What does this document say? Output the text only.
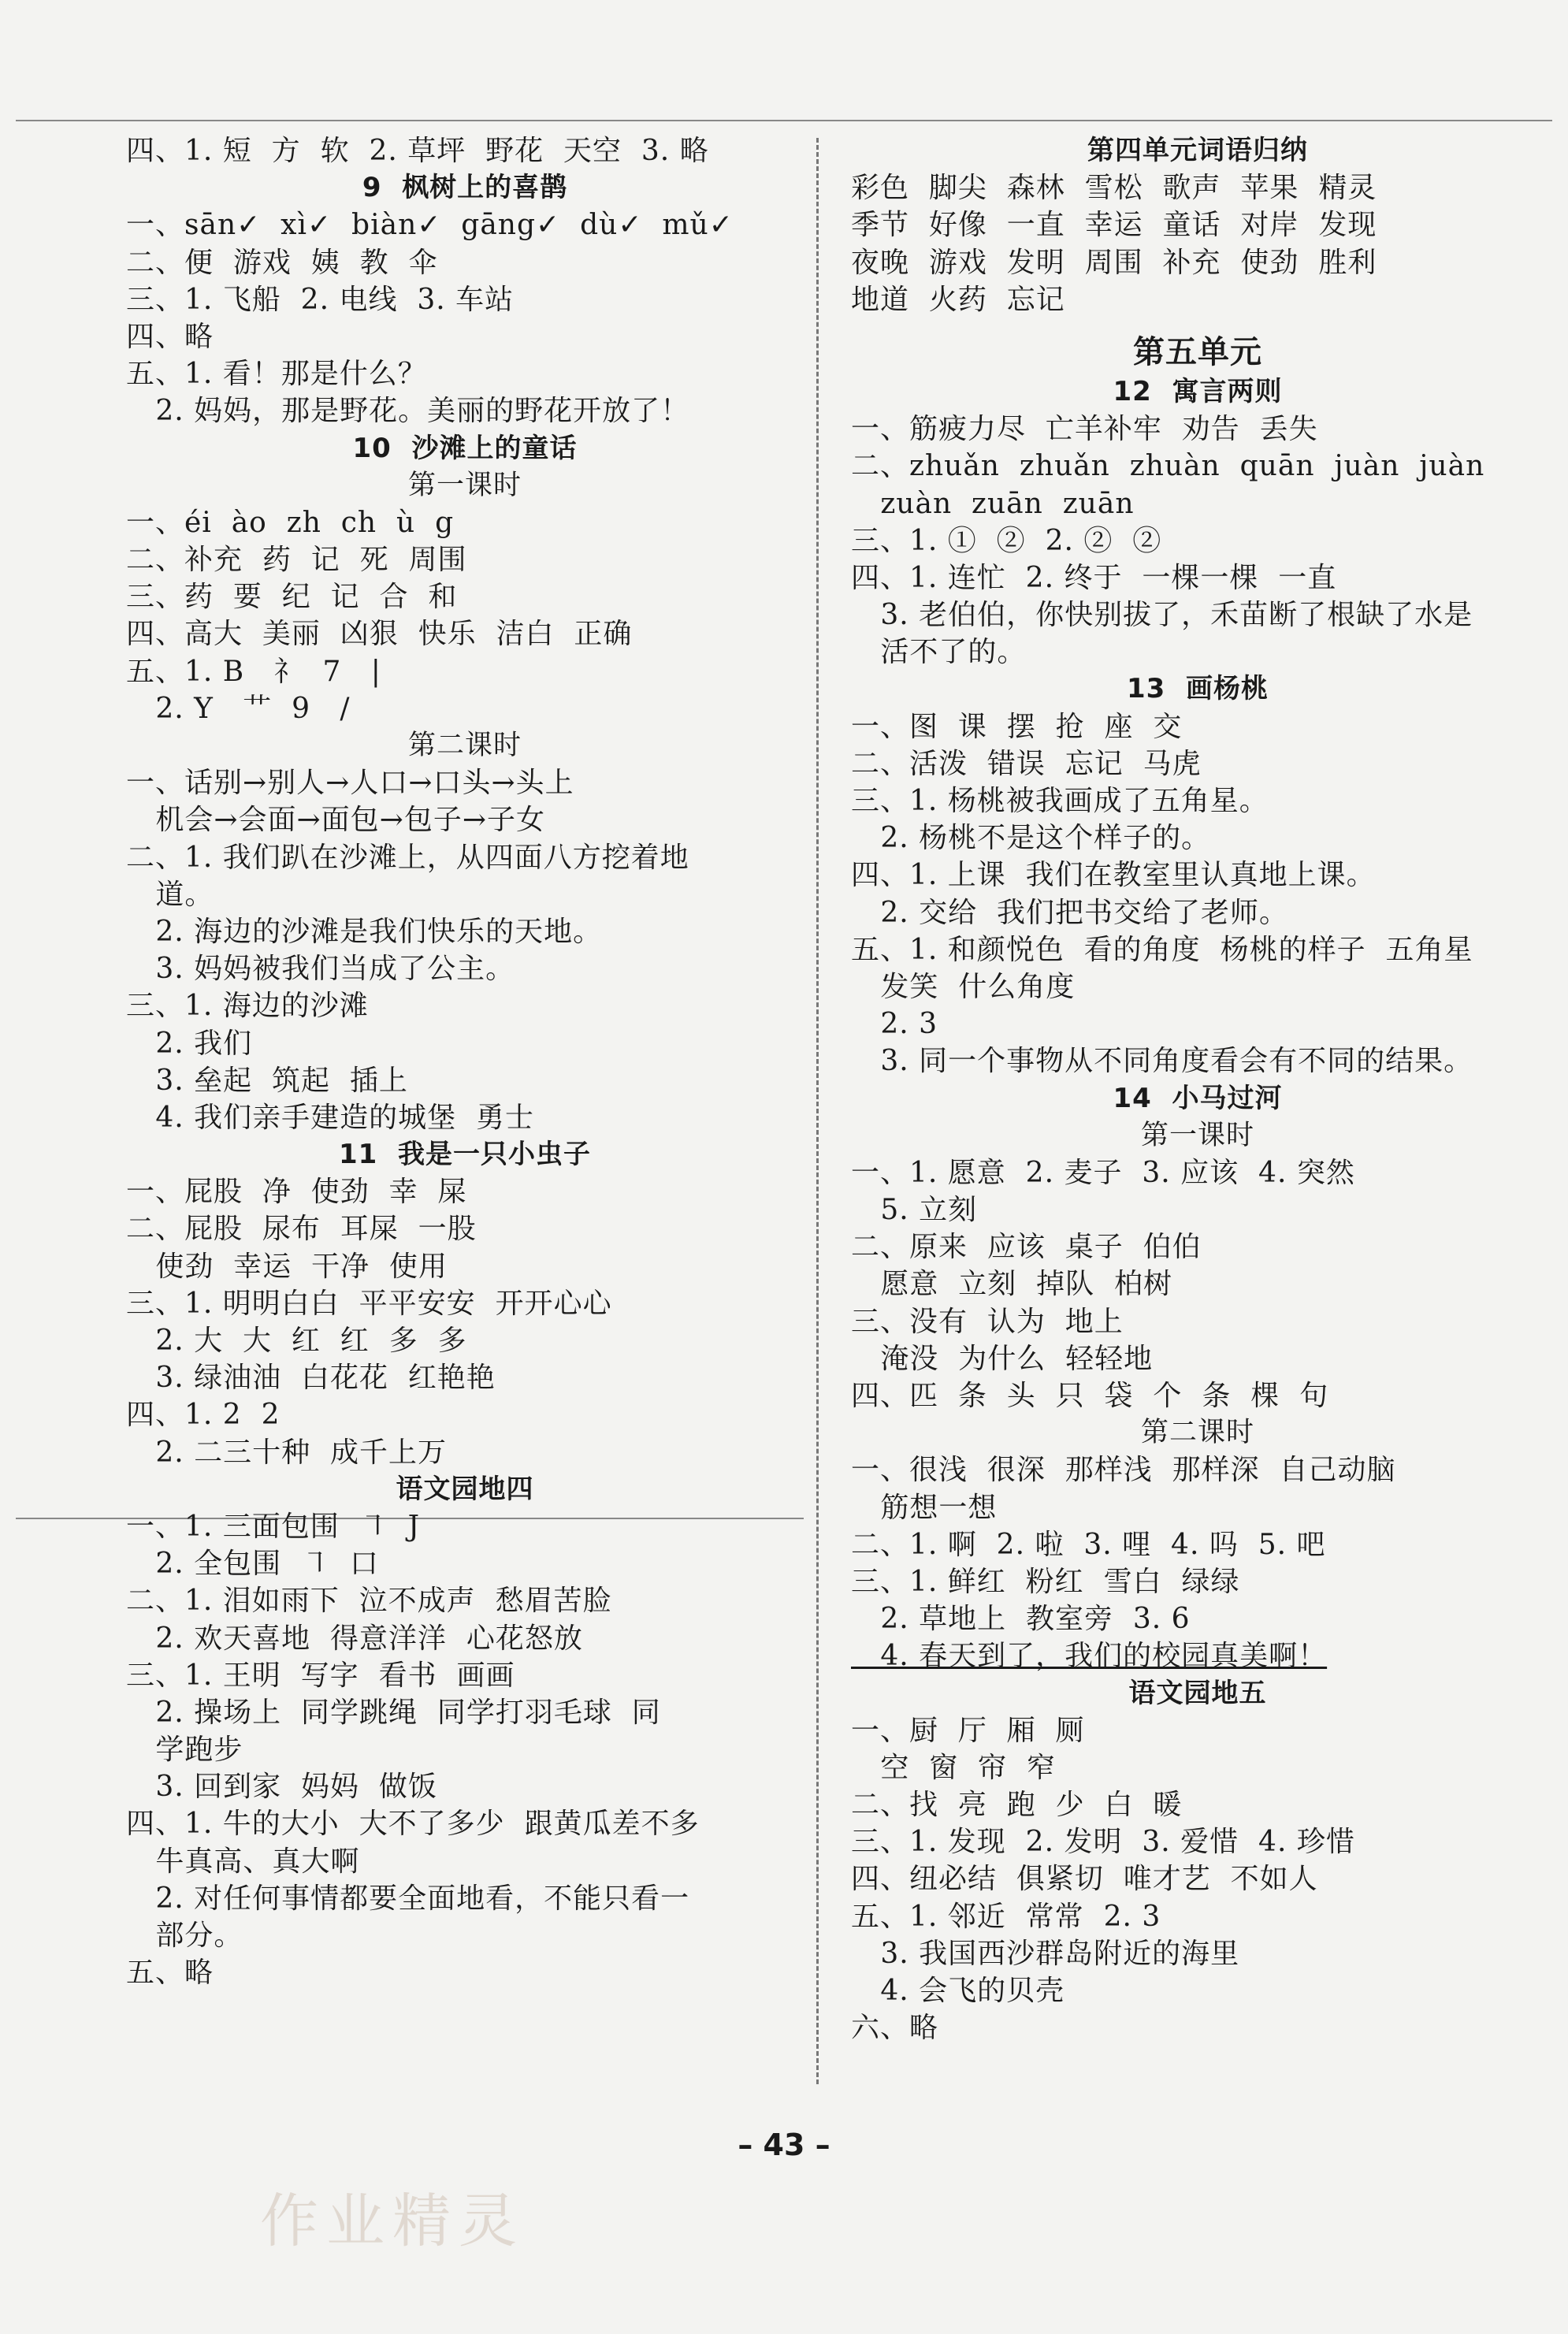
四、1. 短  方  软  2. 草坪  野花  天空  3. 略
9  枫树上的喜鹊
一、sān✓  xì✓  biàn✓  gāng✓  dù✓  mǔ✓
二、便  游戏  姨  教  伞
三、1. 飞船  2. 电线  3. 车站
四、略
五、1. 看！那是什么？
2. 妈妈，那是野花。美丽的野花开放了！
10  沙滩上的童话
第一课时
一、éi  ào  zh  ch  ù  g
二、补充  药  记  死  周围
三、药  要  纪  记  合  和
四、高大  美丽  凶狠  快乐  洁白  正确
五、1. B   礻  7   |
2. Y   艹  9   /
第二课时
一、话别→别人→人口→口头→头上
机会→会面→面包→包子→子女
二、1. 我们趴在沙滩上，从四面八方挖着地
道。
2. 海边的沙滩是我们快乐的天地。
3. 妈妈被我们当成了公主。
三、1. 海边的沙滩
2. 我们
3. 垒起  筑起  插上
4. 我们亲手建造的城堡  勇士
11  我是一只小虫子
一、屁股  净  使劲  幸  屎
二、屁股  尿布  耳屎  一股
使劲  幸运  干净  使用
三、1. 明明白白  平平安安  开开心心
2. 大  大  红  红  多  多
3. 绿油油  白花花  红艳艳
四、1. 2  2
2. 二三十种  成千上万
语文园地四
一、1. 三面包围  ㇕  J
2. 全包围  ㇕  口
二、1. 泪如雨下  泣不成声  愁眉苦脸
2. 欢天喜地  得意洋洋  心花怒放
三、1. 王明  写字  看书  画画
2. 操场上  同学跳绳  同学打羽毛球  同
学跑步
3. 回到家  妈妈  做饭
四、1. 牛的大小  大不了多少  跟黄瓜差不多
牛真高、真大啊
2. 对任何事情都要全面地看，不能只看一
部分。
五、略
第四单元词语归纳
彩色  脚尖  森林  雪松  歌声  苹果  精灵
季节  好像  一直  幸运  童话  对岸  发现
夜晚  游戏  发明  周围  补充  使劲  胜利
地道  火药  忘记
第五单元
12  寓言两则
一、筋疲力尽  亡羊补牢  劝告  丢失
二、zhuǎn  zhuǎn  zhuàn  quān  juàn  juàn
zuàn  zuān  zuān
三、1. ①  ②  2. ②  ②
四、1. 连忙  2. 终于  一棵一棵  一直
3. 老伯伯，你快别拔了，禾苗断了根缺了水是
活不了的。
13  画杨桃
一、图  课  摆  抢  座  交
二、活泼  错误  忘记  马虎
三、1. 杨桃被我画成了五角星。
2. 杨桃不是这个样子的。
四、1. 上课  我们在教室里认真地上课。
2. 交给  我们把书交给了老师。
五、1. 和颜悦色  看的角度  杨桃的样子  五角星
发笑  什么角度
2. 3
3. 同一个事物从不同角度看会有不同的结果。
14  小马过河
第一课时
一、1. 愿意  2. 麦子  3. 应该  4. 突然
5. 立刻
二、原来  应该  桌子  伯伯
愿意  立刻  掉队  柏树
三、没有  认为  地上
淹没  为什么  轻轻地
四、匹  条  头  只  袋  个  条  棵  句
第二课时
一、很浅  很深  那样浅  那样深  自己动脑
筋想一想
二、1. 啊  2. 啦  3. 哩  4. 吗  5. 吧
三、1. 鲜红  粉红  雪白  绿绿
2. 草地上  教室旁  3. 6
4. 春天到了，我们的校园真美啊！
语文园地五
一、厨  厅  厢  厕
空  窗  帘  窄
二、找  亮  跑  少  白  暖
三、1. 发现  2. 发明  3. 爱惜  4. 珍惜
四、纽必结  俱紧切  唯才艺  不如人
五、1. 邻近  常常  2. 3
3. 我国西沙群岛附近的海里
4. 会飞的贝壳
六、略
– 43 –
作业精灵
